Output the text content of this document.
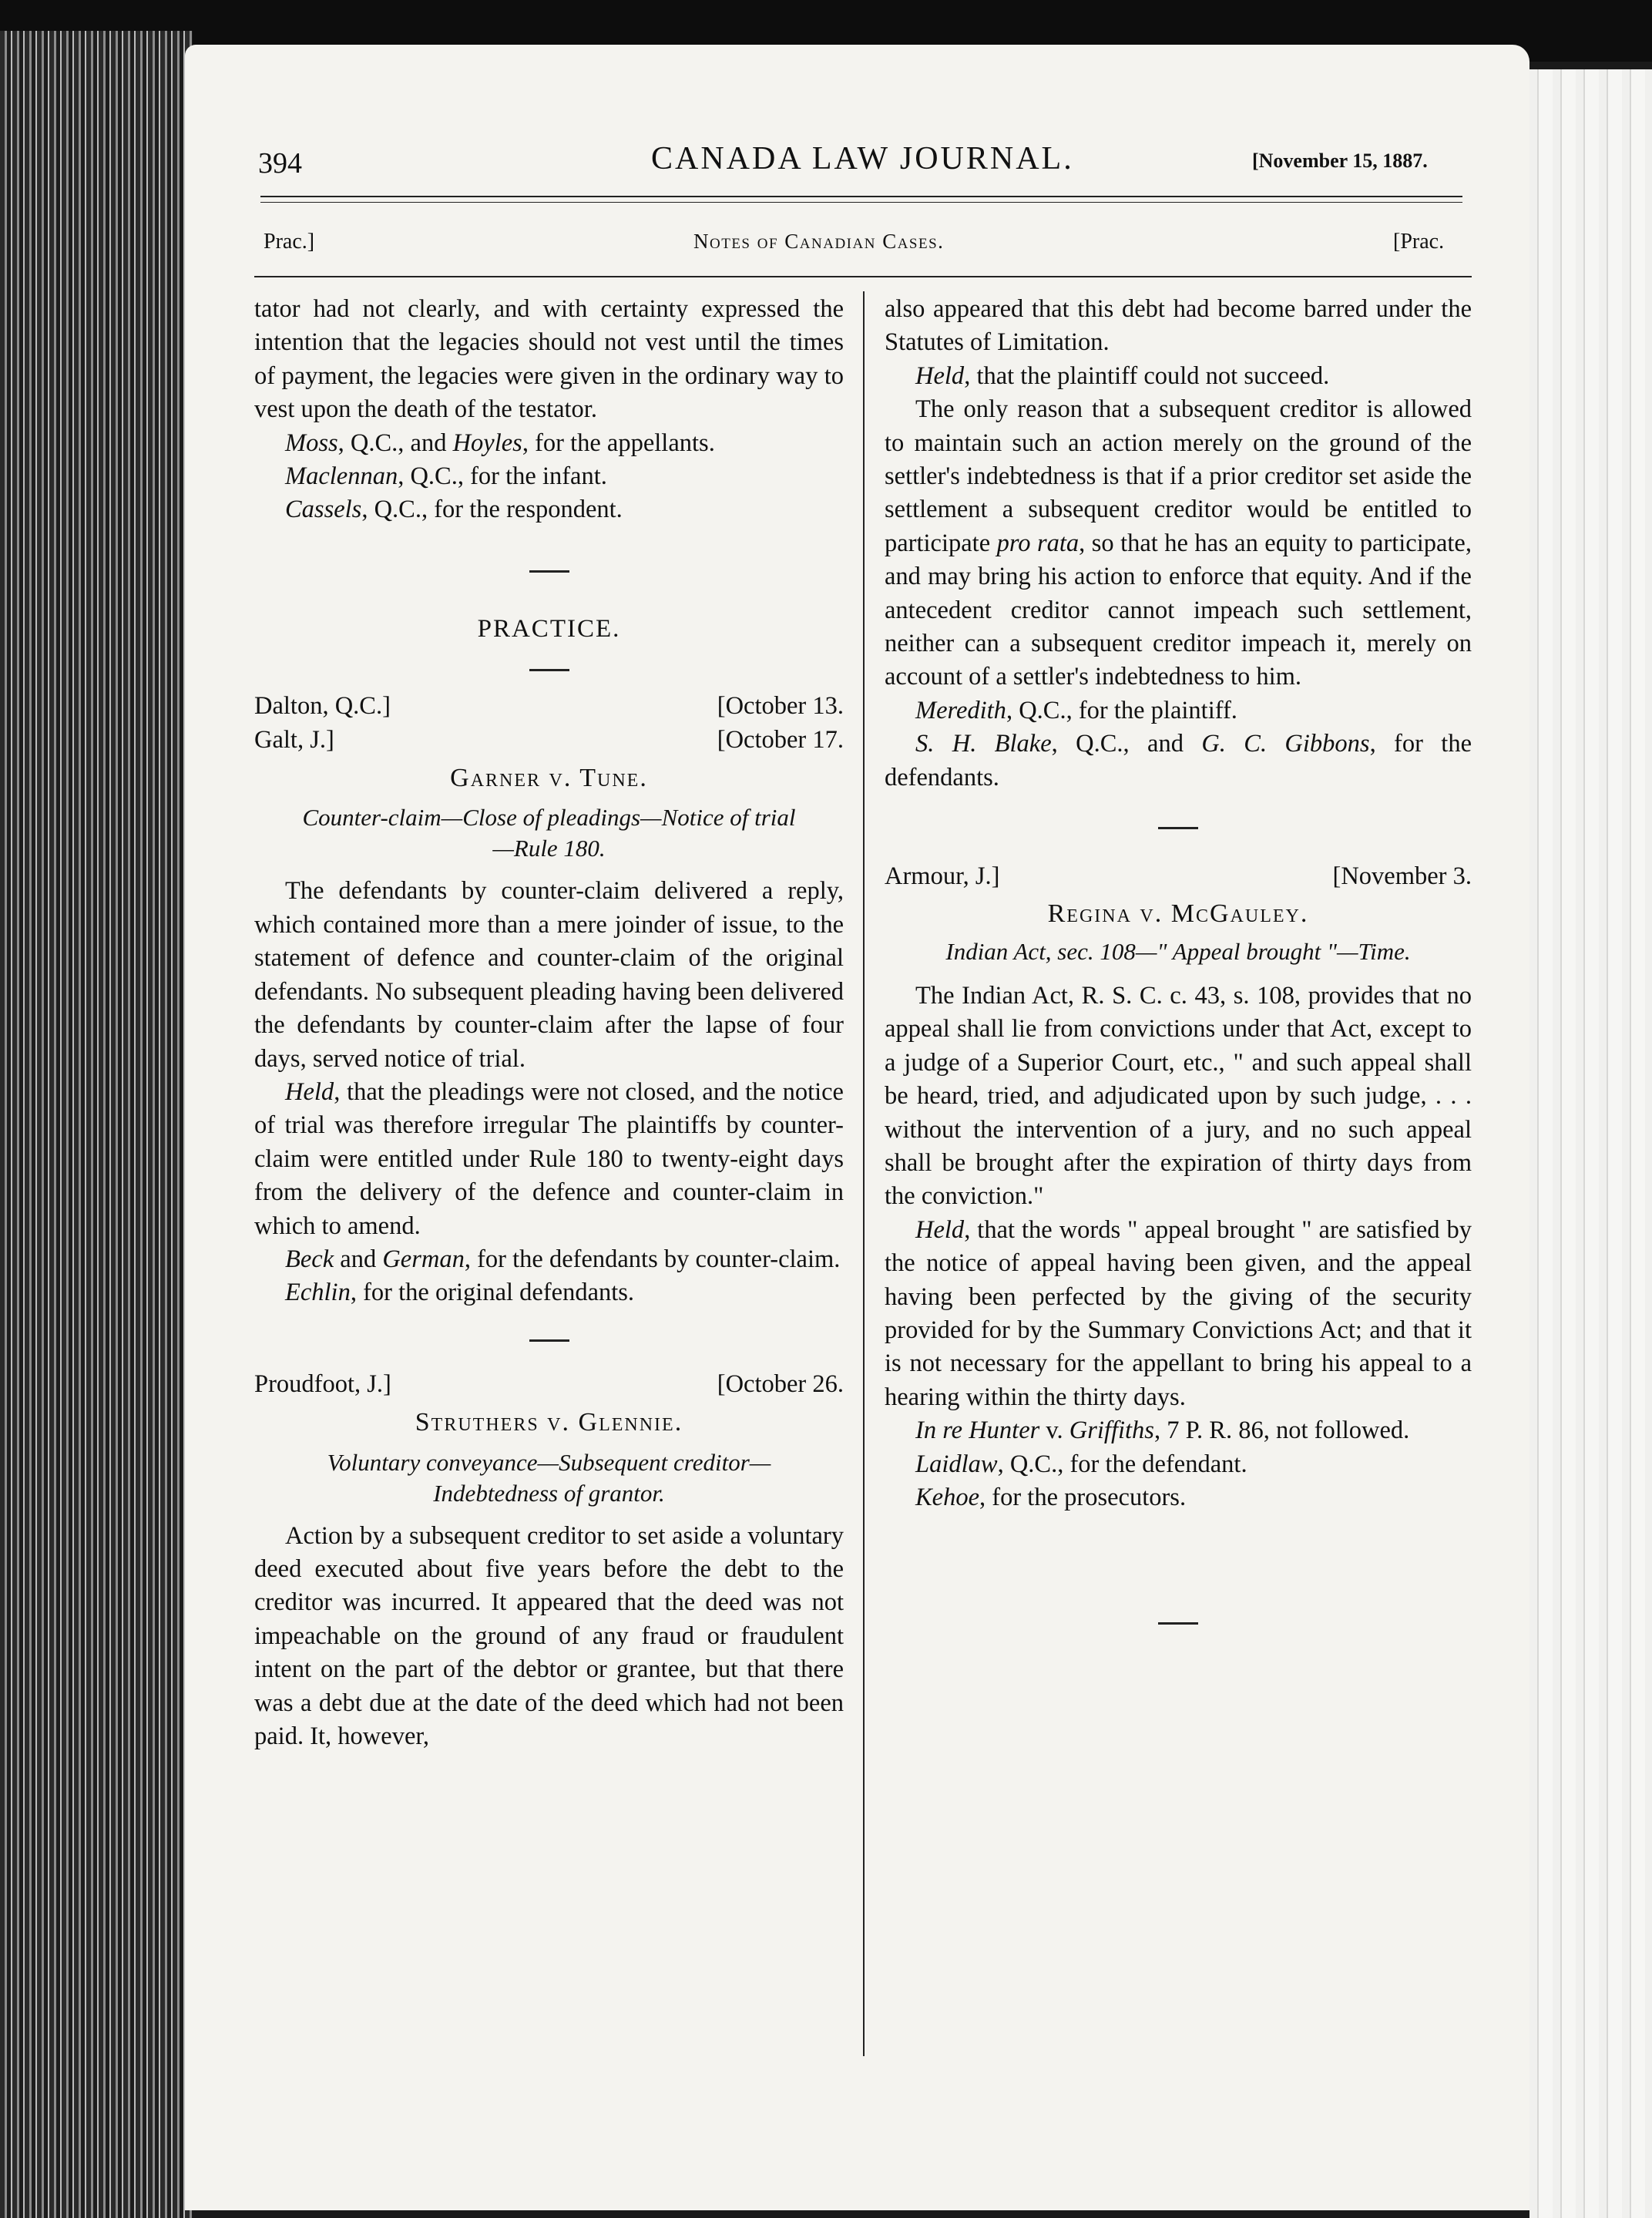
394	CANADA LAW JOURNAL.	[November 15, 1887.
Prac.]	Notes of Canadian Cases.	[Prac.

tator had not clearly, and with certainty expressed the intention that the legacies should not vest until the times of payment, the legacies were given in the ordinary way to vest upon the death of the testator.

Moss, Q.C., and Hoyles, for the appellants.

Maclennan, Q.C., for the infant.

Cassels, Q.C., for the respondent.

PRACTICE.

Dalton, Q.C.]	[October 13.
Galt, J.]	[October 17.

Garner v. Tune.

Counter-claim—Close of pleadings—Notice of trial

—Rule 180.

The defendants by counter-claim delivered a reply, which contained more than a mere joinder of issue, to the statement of defence and counter-claim of the original defendants. No subsequent pleading having been delivered the defendants by counter-claim after the lapse of four days, served notice of trial.

Held, that the pleadings were not closed, and the notice of trial was therefore irregular The plaintiffs by counter-claim were entitled under Rule 180 to twenty-eight days from the delivery of the defence and counter-claim in which to amend.

Beck and German, for the defendants by counter-claim.

Echlin, for the original defendants.

Proudfoot, J.]	[October 26.

Struthers v. Glennie.

Voluntary conveyance—Subsequent creditor—

Indebtedness of grantor.

Action by a subsequent creditor to set aside a voluntary deed executed about five years before the debt to the creditor was incurred. It appeared that the deed was not impeachable on the ground of any fraud or fraudulent intent on the part of the debtor or grantee, but that there was a debt due at the date of the deed which had not been paid. It, however,

also appeared that this debt had become barred under the Statutes of Limitation.

Held, that the plaintiff could not succeed.

The only reason that a subsequent creditor is allowed to maintain such an action merely on the ground of the settler's indebtedness is that if a prior creditor set aside the settlement a subsequent creditor would be entitled to participate pro rata, so that he has an equity to participate, and may bring his action to enforce that equity. And if the antecedent creditor cannot impeach such settlement, neither can a subsequent creditor impeach it, merely on account of a settler's indebtedness to him.

Meredith, Q.C., for the plaintiff.

S. H. Blake, Q.C., and G. C. Gibbons, for the defendants.

Armour, J.]	[November 3.

Regina v. McGauley.

Indian Act, sec. 108—" Appeal brought "—Time.

The Indian Act, R. S. C. c. 43, s. 108, provides that no appeal shall lie from convictions under that Act, except to a judge of a Superior Court, etc., " and such appeal shall be heard, tried, and adjudicated upon by such judge, . . . without the intervention of a jury, and no such appeal shall be brought after the expiration of thirty days from the conviction."

Held, that the words " appeal brought " are satisfied by the notice of appeal having been given, and the appeal having been perfected by the giving of the security provided for by the Summary Convictions Act; and that it is not necessary for the appellant to bring his appeal to a hearing within the thirty days.

In re Hunter v. Griffiths, 7 P. R. 86, not followed.

Laidlaw, Q.C., for the defendant.

Kehoe, for the prosecutors.
